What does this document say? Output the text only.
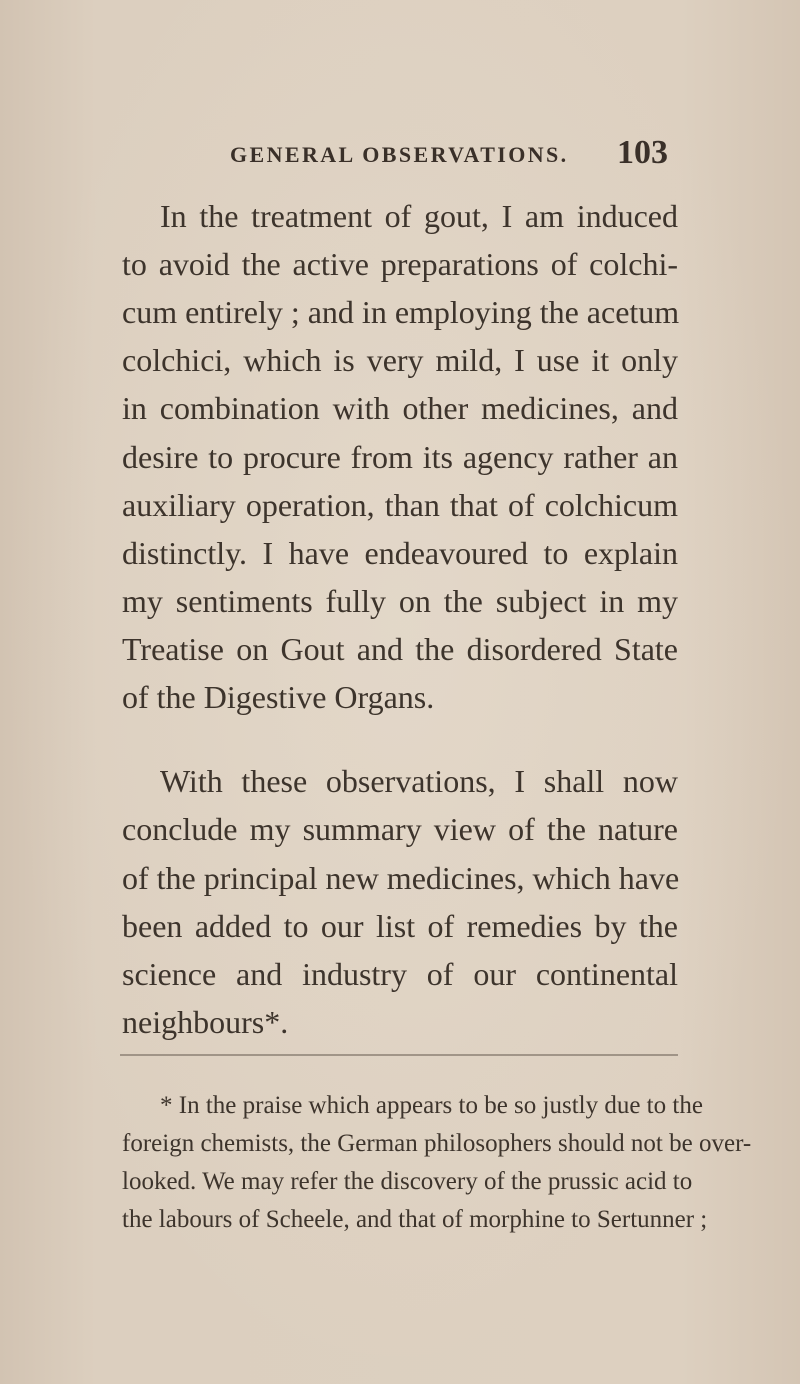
GENERAL OBSERVATIONS. 103
In the treatment of gout, I am induced
to avoid the active preparations of colchi-
cum entirely ; and in employing the acetum
colchici, which is very mild, I use it only
in combination with other medicines, and
desire to procure from its agency rather an
auxiliary operation, than that of colchicum
distinctly. I have endeavoured to explain
my sentiments fully on the subject in my
Treatise on Gout and the disordered State
of the Digestive Organs.
With these observations, I shall now
conclude my summary view of the nature
of the principal new medicines, which have
been added to our list of remedies by the
science and industry of our continental
neighbours*.
* In the praise which appears to be so justly due to the
foreign chemists, the German philosophers should not be over-
looked. We may refer the discovery of the prussic acid to
the labours of Scheele, and that of morphine to Sertunner ;
